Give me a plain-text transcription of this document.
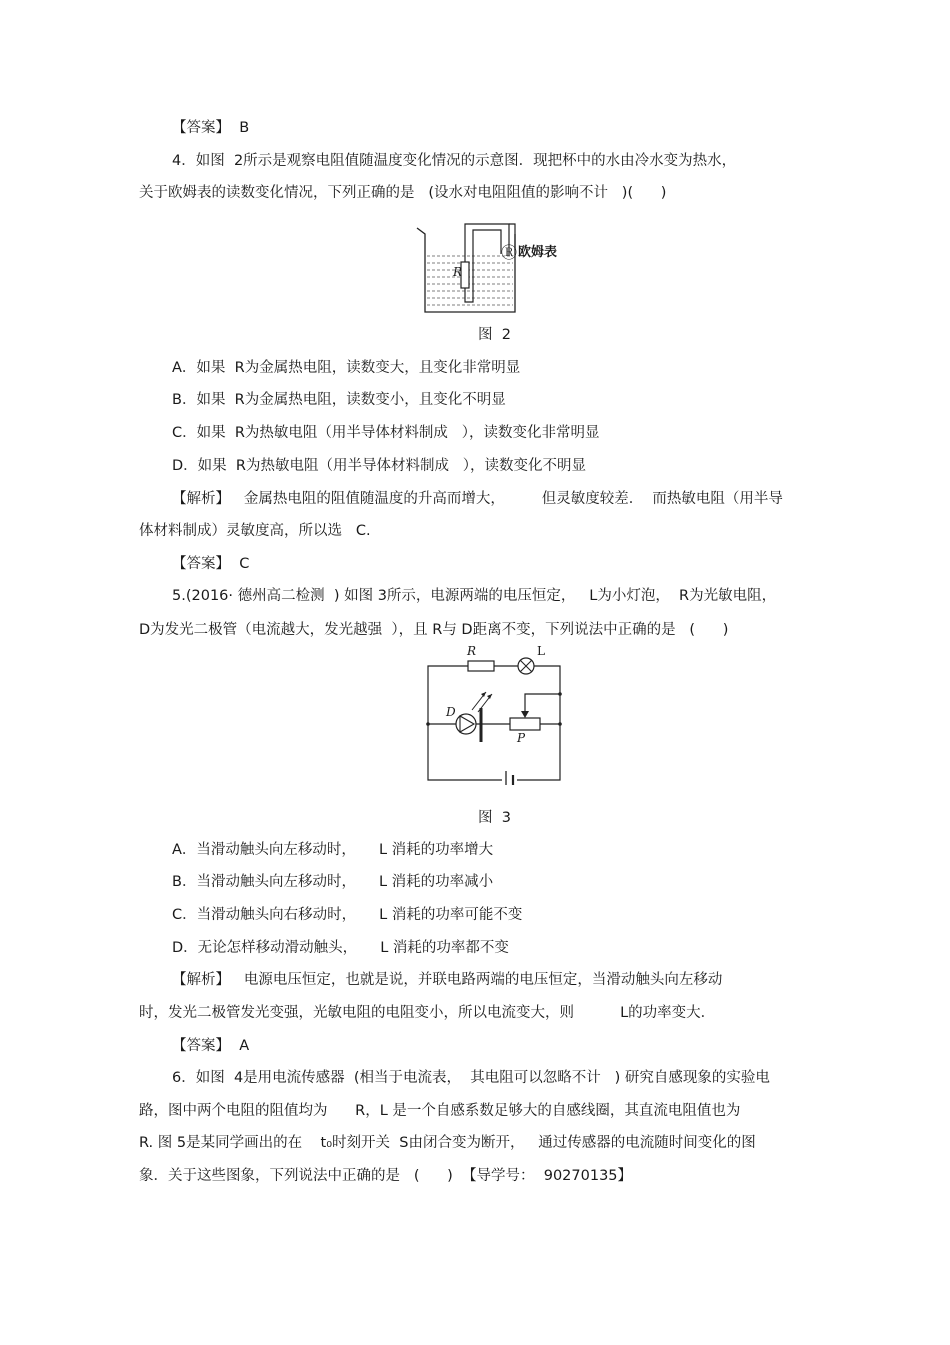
【答案】  B
4．如图  2所示是观察电阻值随温度变化情况的示意图．现把杯中的水由冷水变为热水，
关于欧姆表的读数变化情况，下列正确的是   (设水对电阻阻值的影响不计   )(      )
R
Ⓡ 欧姆表
图  2
A．如果  R为金属热电阻，读数变大，且变化非常明显
B．如果  R为金属热电阻，读数变小，且变化不明显
C．如果  R为热敏电阻（用半导体材料制成   ），读数变化非常明显
D．如果  R为热敏电阻（用半导体材料制成   ），读数变化不明显
【解析】   金属热电阻的阻值随温度的升高而增大，        但灵敏度较差．  而热敏电阻（用半导
体材料制成）灵敏度高，所以选   C.
【答案】  C
5.(2016· 德州高二检测  ) 如图 3所示，电源两端的电压恒定，   L为小灯泡，  R为光敏电阻，
D为发光二极管（电流越大，发光越强  ），且 R与 D距离不变，下列说法中正确的是   (      )
R	L
D
P
图  3
A．当滑动触头向左移动时，     L 消耗的功率增大
B．当滑动触头向左移动时，     L 消耗的功率减小
C．当滑动触头向右移动时，     L 消耗的功率可能不变
D．无论怎样移动滑动触头，     L 消耗的功率都不变
【解析】   电源电压恒定，也就是说，并联电路两端的电压恒定，当滑动触头向左移动
时，发光二极管发光变强，光敏电阻的电阻变小，所以电流变大，则          L的功率变大．
【答案】  A
6．如图  4是用电流传感器  (相当于电流表，  其电阻可以忽略不计   ) 研究自感现象的实验电
路，图中两个电阻的阻值均为      R，L 是一个自感系数足够大的自感线圈，其直流电阻值也为
R. 图 5是某同学画出的在    t₀时刻开关  S由闭合变为断开，   通过传感器的电流随时间变化的图
象．关于这些图象，下列说法中正确的是   (      )  【导学号：  90270135】
